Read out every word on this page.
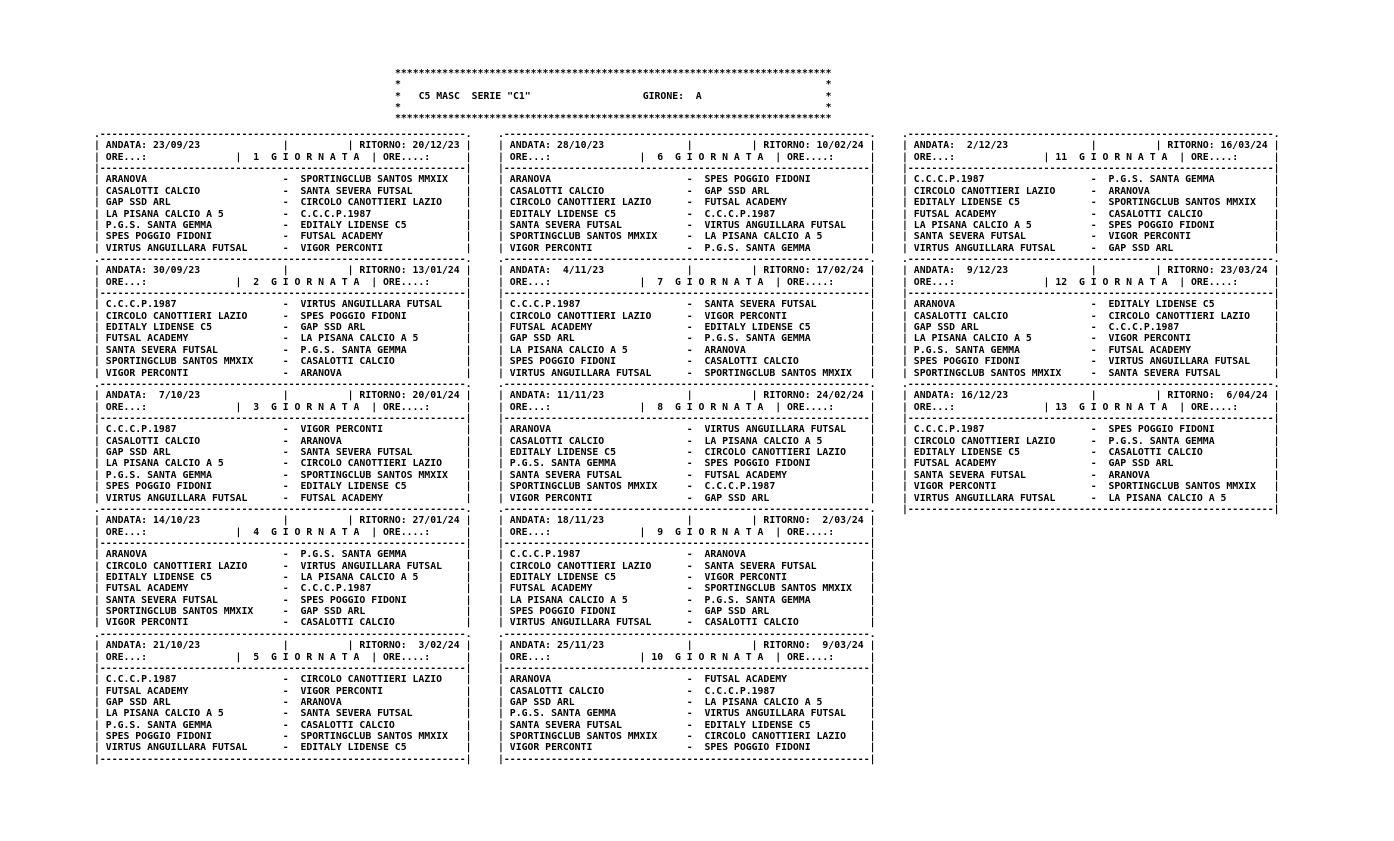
**************************************************************************
*                                                                        *
*   C5 MASC  SERIE "C1"                   GIRONE:  A                     *
*                                                                        *
**************************************************************************
.--------------------------------------------------------------.
| ANDATA: 23/09/23              |          | RITORNO: 20/12/23 |
| ORE...:               |  1  G I O R N A T A  | ORE....:      |
|--------------------------------------------------------------|
| ARANOVA                       -  SPORTINGCLUB SANTOS MMXIX   |
| CASALOTTI CALCIO              -  SANTA SEVERA FUTSAL         |
| GAP SSD ARL                   -  CIRCOLO CANOTTIERI LAZIO    |
| LA PISANA CALCIO A 5          -  C.C.C.P.1987                |
| P.G.S. SANTA GEMMA            -  EDITALY LIDENSE C5          |
| SPES POGGIO FIDONI            -  FUTSAL ACADEMY              |
| VIRTUS ANGUILLARA FUTSAL      -  VIGOR PERCONTI              |
.--------------------------------------------------------------.
| ANDATA: 30/09/23              |          | RITORNO: 13/01/24 |
| ORE...:               |  2  G I O R N A T A  | ORE....:      |
|--------------------------------------------------------------|
| C.C.C.P.1987                  -  VIRTUS ANGUILLARA FUTSAL    |
| CIRCOLO CANOTTIERI LAZIO      -  SPES POGGIO FIDONI          |
| EDITALY LIDENSE C5            -  GAP SSD ARL                 |
| FUTSAL ACADEMY                -  LA PISANA CALCIO A 5        |
| SANTA SEVERA FUTSAL           -  P.G.S. SANTA GEMMA          |
| SPORTINGCLUB SANTOS MMXIX     -  CASALOTTI CALCIO            |
| VIGOR PERCONTI                -  ARANOVA                     |
.--------------------------------------------------------------.
| ANDATA:  7/10/23              |          | RITORNO: 20/01/24 |
| ORE...:               |  3  G I O R N A T A  | ORE....:      |
|--------------------------------------------------------------|
| C.C.C.P.1987                  -  VIGOR PERCONTI              |
| CASALOTTI CALCIO              -  ARANOVA                     |
| GAP SSD ARL                   -  SANTA SEVERA FUTSAL         |
| LA PISANA CALCIO A 5          -  CIRCOLO CANOTTIERI LAZIO    |
| P.G.S. SANTA GEMMA            -  SPORTINGCLUB SANTOS MMXIX   |
| SPES POGGIO FIDONI            -  EDITALY LIDENSE C5          |
| VIRTUS ANGUILLARA FUTSAL      -  FUTSAL ACADEMY              |
.--------------------------------------------------------------.
| ANDATA: 14/10/23              |          | RITORNO: 27/01/24 |
| ORE...:               |  4  G I O R N A T A  | ORE....:      |
|--------------------------------------------------------------|
| ARANOVA                       -  P.G.S. SANTA GEMMA          |
| CIRCOLO CANOTTIERI LAZIO      -  VIRTUS ANGUILLARA FUTSAL    |
| EDITALY LIDENSE C5            -  LA PISANA CALCIO A 5        |
| FUTSAL ACADEMY                -  C.C.C.P.1987                |
| SANTA SEVERA FUTSAL           -  SPES POGGIO FIDONI          |
| SPORTINGCLUB SANTOS MMXIX     -  GAP SSD ARL                 |
| VIGOR PERCONTI                -  CASALOTTI CALCIO            |
.--------------------------------------------------------------.
| ANDATA: 21/10/23              |          | RITORNO:  3/02/24 |
| ORE...:               |  5  G I O R N A T A  | ORE....:      |
|--------------------------------------------------------------|
| C.C.C.P.1987                  -  CIRCOLO CANOTTIERI LAZIO    |
| FUTSAL ACADEMY                -  VIGOR PERCONTI              |
| GAP SSD ARL                   -  ARANOVA                     |
| LA PISANA CALCIO A 5          -  SANTA SEVERA FUTSAL         |
| P.G.S. SANTA GEMMA            -  CASALOTTI CALCIO            |
| SPES POGGIO FIDONI            -  SPORTINGCLUB SANTOS MMXIX   |
| VIRTUS ANGUILLARA FUTSAL      -  EDITALY LIDENSE C5          |
|--------------------------------------------------------------|
.--------------------------------------------------------------.
| ANDATA: 28/10/23              |          | RITORNO: 10/02/24 |
| ORE...:               |  6  G I O R N A T A  | ORE....:      |
|--------------------------------------------------------------|
| ARANOVA                       -  SPES POGGIO FIDONI          |
| CASALOTTI CALCIO              -  GAP SSD ARL                 |
| CIRCOLO CANOTTIERI LAZIO      -  FUTSAL ACADEMY              |
| EDITALY LIDENSE C5            -  C.C.C.P.1987                |
| SANTA SEVERA FUTSAL           -  VIRTUS ANGUILLARA FUTSAL    |
| SPORTINGCLUB SANTOS MMXIX     -  LA PISANA CALCIO A 5        |
| VIGOR PERCONTI                -  P.G.S. SANTA GEMMA          |
.--------------------------------------------------------------.
| ANDATA:  4/11/23              |          | RITORNO: 17/02/24 |
| ORE...:               |  7  G I O R N A T A  | ORE....:      |
|--------------------------------------------------------------|
| C.C.C.P.1987                  -  SANTA SEVERA FUTSAL         |
| CIRCOLO CANOTTIERI LAZIO      -  VIGOR PERCONTI              |
| FUTSAL ACADEMY                -  EDITALY LIDENSE C5          |
| GAP SSD ARL                   -  P.G.S. SANTA GEMMA          |
| LA PISANA CALCIO A 5          -  ARANOVA                     |
| SPES POGGIO FIDONI            -  CASALOTTI CALCIO            |
| VIRTUS ANGUILLARA FUTSAL      -  SPORTINGCLUB SANTOS MMXIX   |
.--------------------------------------------------------------.
| ANDATA: 11/11/23              |          | RITORNO: 24/02/24 |
| ORE...:               |  8  G I O R N A T A  | ORE....:      |
|--------------------------------------------------------------|
| ARANOVA                       -  VIRTUS ANGUILLARA FUTSAL    |
| CASALOTTI CALCIO              -  LA PISANA CALCIO A 5        |
| EDITALY LIDENSE C5            -  CIRCOLO CANOTTIERI LAZIO    |
| P.G.S. SANTA GEMMA            -  SPES POGGIO FIDONI          |
| SANTA SEVERA FUTSAL           -  FUTSAL ACADEMY              |
| SPORTINGCLUB SANTOS MMXIX     -  C.C.C.P.1987                |
| VIGOR PERCONTI                -  GAP SSD ARL                 |
.--------------------------------------------------------------.
| ANDATA: 18/11/23              |          | RITORNO:  2/03/24 |
| ORE...:               |  9  G I O R N A T A  | ORE....:      |
|--------------------------------------------------------------|
| C.C.C.P.1987                  -  ARANOVA                     |
| CIRCOLO CANOTTIERI LAZIO      -  SANTA SEVERA FUTSAL         |
| EDITALY LIDENSE C5            -  VIGOR PERCONTI              |
| FUTSAL ACADEMY                -  SPORTINGCLUB SANTOS MMXIX   |
| LA PISANA CALCIO A 5          -  P.G.S. SANTA GEMMA          |
| SPES POGGIO FIDONI            -  GAP SSD ARL                 |
| VIRTUS ANGUILLARA FUTSAL      -  CASALOTTI CALCIO            |
.--------------------------------------------------------------.
| ANDATA: 25/11/23              |          | RITORNO:  9/03/24 |
| ORE...:               | 10  G I O R N A T A  | ORE....:      |
|--------------------------------------------------------------|
| ARANOVA                       -  FUTSAL ACADEMY              |
| CASALOTTI CALCIO              -  C.C.C.P.1987                |
| GAP SSD ARL                   -  LA PISANA CALCIO A 5        |
| P.G.S. SANTA GEMMA            -  VIRTUS ANGUILLARA FUTSAL    |
| SANTA SEVERA FUTSAL           -  EDITALY LIDENSE C5          |
| SPORTINGCLUB SANTOS MMXIX     -  CIRCOLO CANOTTIERI LAZIO    |
| VIGOR PERCONTI                -  SPES POGGIO FIDONI          |
|--------------------------------------------------------------|
.--------------------------------------------------------------.
| ANDATA:  2/12/23              |          | RITORNO: 16/03/24 |
| ORE...:               | 11  G I O R N A T A  | ORE....:      |
|--------------------------------------------------------------|
| C.C.C.P.1987                  -  P.G.S. SANTA GEMMA          |
| CIRCOLO CANOTTIERI LAZIO      -  ARANOVA                     |
| EDITALY LIDENSE C5            -  SPORTINGCLUB SANTOS MMXIX   |
| FUTSAL ACADEMY                -  CASALOTTI CALCIO            |
| LA PISANA CALCIO A 5          -  SPES POGGIO FIDONI          |
| SANTA SEVERA FUTSAL           -  VIGOR PERCONTI              |
| VIRTUS ANGUILLARA FUTSAL      -  GAP SSD ARL                 |
.--------------------------------------------------------------.
| ANDATA:  9/12/23              |          | RITORNO: 23/03/24 |
| ORE...:               | 12  G I O R N A T A  | ORE....:      |
|--------------------------------------------------------------|
| ARANOVA                       -  EDITALY LIDENSE C5          |
| CASALOTTI CALCIO              -  CIRCOLO CANOTTIERI LAZIO    |
| GAP SSD ARL                   -  C.C.C.P.1987                |
| LA PISANA CALCIO A 5          -  VIGOR PERCONTI              |
| P.G.S. SANTA GEMMA            -  FUTSAL ACADEMY              |
| SPES POGGIO FIDONI            -  VIRTUS ANGUILLARA FUTSAL    |
| SPORTINGCLUB SANTOS MMXIX     -  SANTA SEVERA FUTSAL         |
.--------------------------------------------------------------.
| ANDATA: 16/12/23              |          | RITORNO:  6/04/24 |
| ORE...:               | 13  G I O R N A T A  | ORE....:      |
|--------------------------------------------------------------|
| C.C.C.P.1987                  -  SPES POGGIO FIDONI          |
| CIRCOLO CANOTTIERI LAZIO      -  P.G.S. SANTA GEMMA          |
| EDITALY LIDENSE C5            -  CASALOTTI CALCIO            |
| FUTSAL ACADEMY                -  GAP SSD ARL                 |
| SANTA SEVERA FUTSAL           -  ARANOVA                     |
| VIGOR PERCONTI                -  SPORTINGCLUB SANTOS MMXIX   |
| VIRTUS ANGUILLARA FUTSAL      -  LA PISANA CALCIO A 5        |
|--------------------------------------------------------------|
